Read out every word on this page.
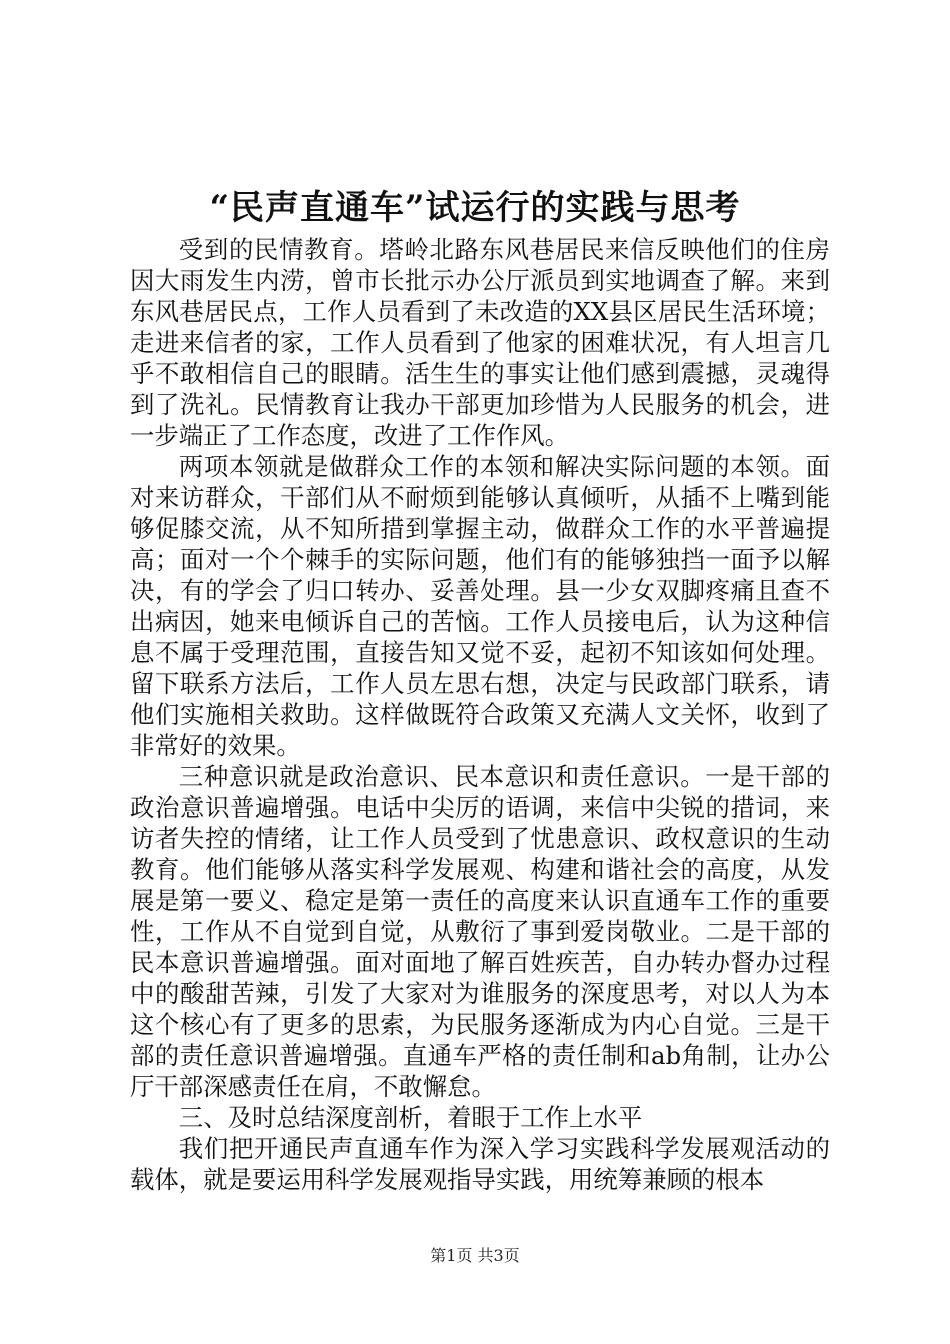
“民声直通车”试运行的实践与思考

受到的民情教育。塔岭北路东风巷居民来信反映他们的住房因大雨发生内涝，曾市长批示办公厅派员到实地调查了解。来到东风巷居民点，工作人员看到了未改造的XX县区居民生活环境；走进来信者的家，工作人员看到了他家的困难状况，有人坦言几乎不敢相信自己的眼睛。活生生的事实让他们感到震撼，灵魂得到了洗礼。民情教育让我办干部更加珍惜为人民服务的机会，进一步端正了工作态度，改进了工作作风。

两项本领就是做群众工作的本领和解决实际问题的本领。面对来访群众，干部们从不耐烦到能够认真倾听，从插不上嘴到能够促膝交流，从不知所措到掌握主动，做群众工作的水平普遍提高；面对一个个棘手的实际问题，他们有的能够独挡一面予以解决，有的学会了归口转办、妥善处理。县一少女双脚疼痛且查不出病因，她来电倾诉自己的苦恼。工作人员接电后，认为这种信息不属于受理范围，直接告知又觉不妥，起初不知该如何处理。留下联系方法后，工作人员左思右想，决定与民政部门联系，请他们实施相关救助。这样做既符合政策又充满人文关怀，收到了非常好的效果。

三种意识就是政治意识、民本意识和责任意识。一是干部的政治意识普遍增强。电话中尖厉的语调，来信中尖锐的措词，来访者失控的情绪，让工作人员受到了忧患意识、政权意识的生动教育。他们能够从落实科学发展观、构建和谐社会的高度，从发展是第一要义、稳定是第一责任的高度来认识直通车工作的重要性，工作从不自觉到自觉，从敷衍了事到爱岗敬业。二是干部的民本意识普遍增强。面对面地了解百姓疾苦，自办转办督办过程中的酸甜苦辣，引发了大家对为谁服务的深度思考，对以人为本这个核心有了更多的思索，为民服务逐渐成为内心自觉。三是干部的责任意识普遍增强。直通车严格的责任制和ab角制，让办公厅干部深感责任在肩，不敢懈怠。

三、及时总结深度剖析，着眼于工作上水平

我们把开通民声直通车作为深入学习实践科学发展观活动的载体，就是要运用科学发展观指导实践，用统筹兼顾的根本

第1页 共3页
